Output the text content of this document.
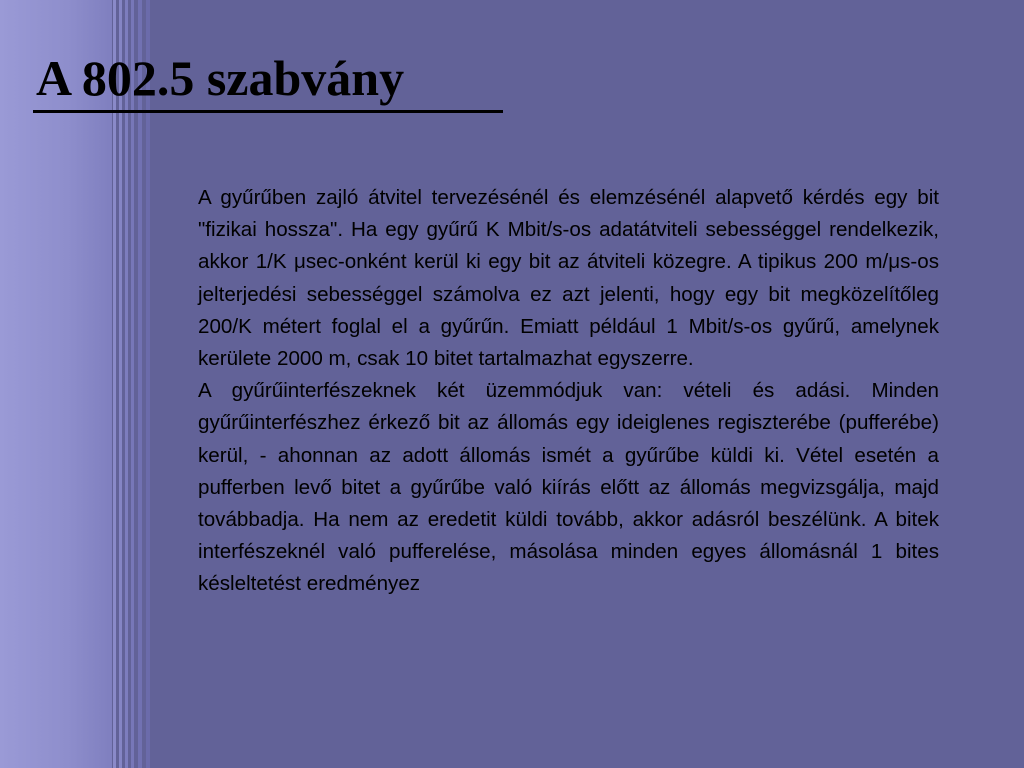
A 802.5 szabvány

A gyűrűben zajló átvitel tervezésénél és elemzésénél alapvető kérdés egy bit "fizikai hossza". Ha egy gyűrű K Mbit/s-os adatátviteli sebességgel rendelkezik, akkor 1/K μsec-onként kerül ki egy bit az átviteli közegre. A tipikus 200 m/μs-os jelterjedési sebességgel számolva ez azt jelenti, hogy egy bit megközelítőleg 200/K métert foglal el a gyűrűn. Emiatt például 1 Mbit/s-os gyűrű, amelynek kerülete 2000 m, csak 10 bitet tartalmazhat egyszerre.

A gyűrűinterfészeknek két üzemmódjuk van: vételi és adási. Minden gyűrűinterfészhez érkező bit az állomás egy ideiglenes regiszterébe (pufferébe) kerül, - ahonnan az adott állomás ismét a gyűrűbe küldi ki. Vétel esetén a pufferben levő bitet a gyűrűbe való kiírás előtt az állomás megvizsgálja, majd továbbadja. Ha nem az eredetit küldi tovább, akkor adásról beszélünk. A bitek interfészeknél való pufferelése, másolása minden egyes állomásnál 1 bites késleltetést eredményez
